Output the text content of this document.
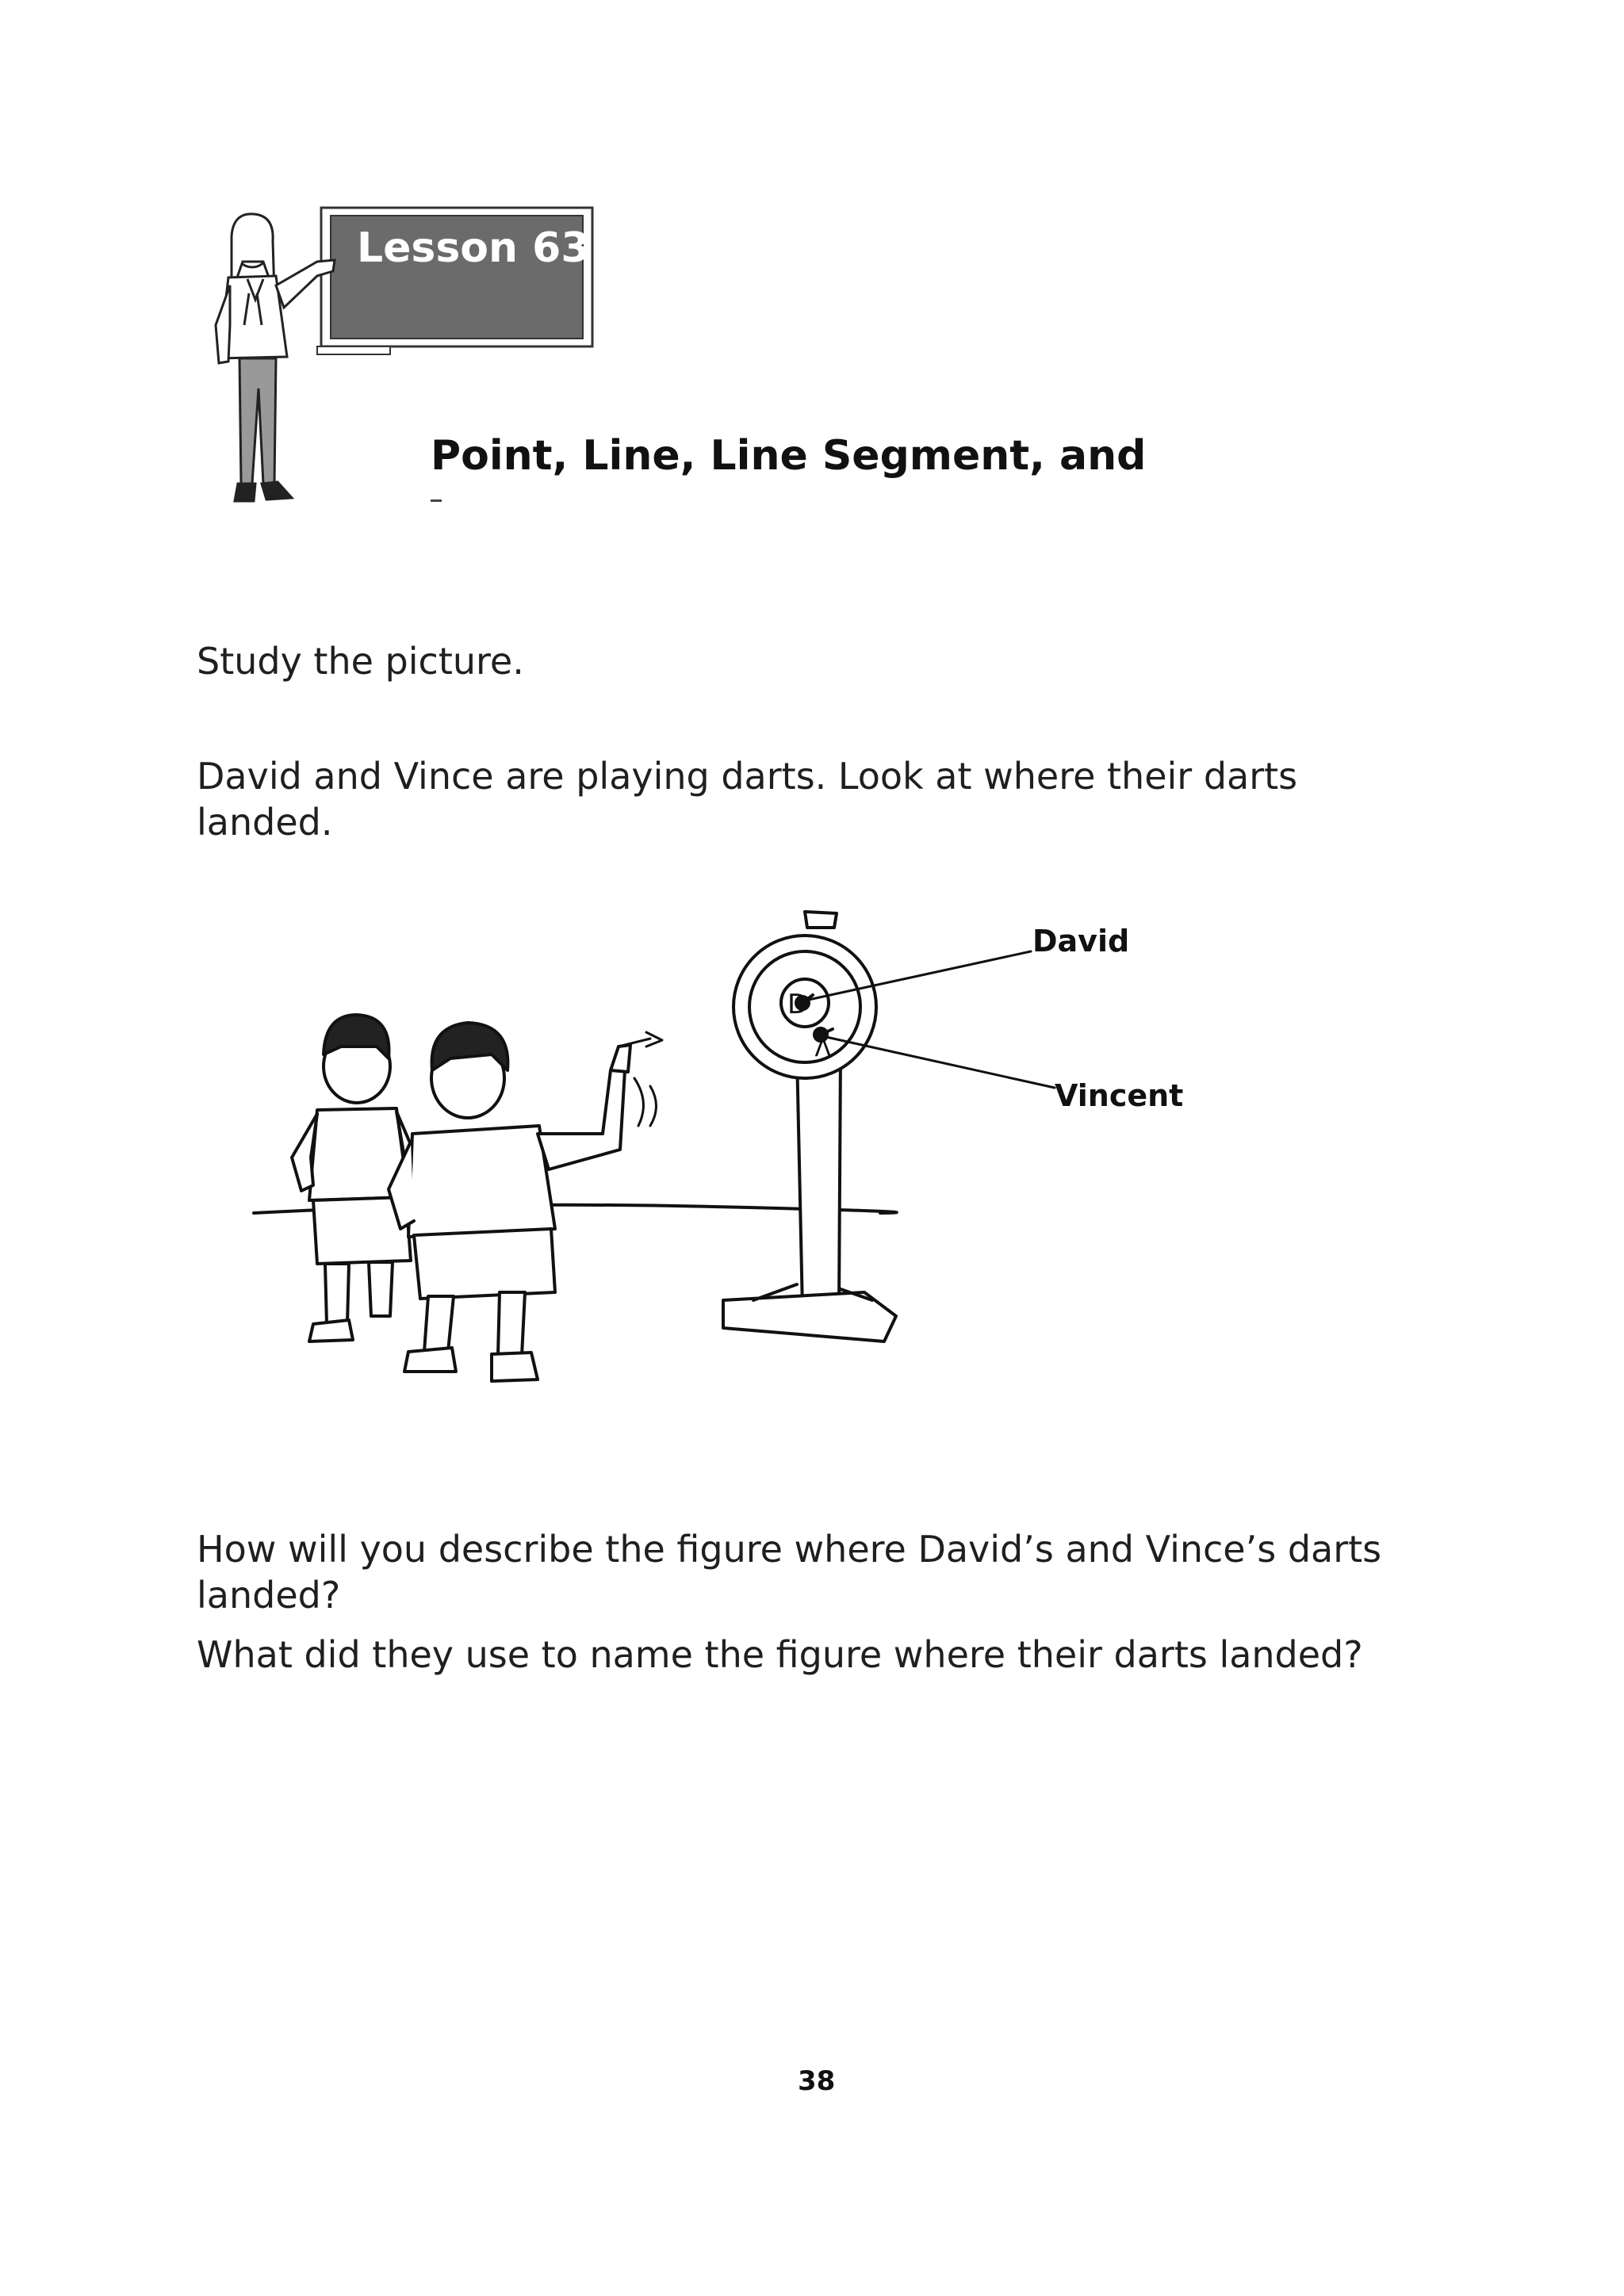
Lesson 63
Point, Line, Line Segment, and
Study the picture.
David and Vince are playing darts. Look at where their darts landed.
D
V
David
Vincent
How will you describe the figure where David’s and Vince’s darts landed?
What did they use to name the figure where their darts landed?
38
